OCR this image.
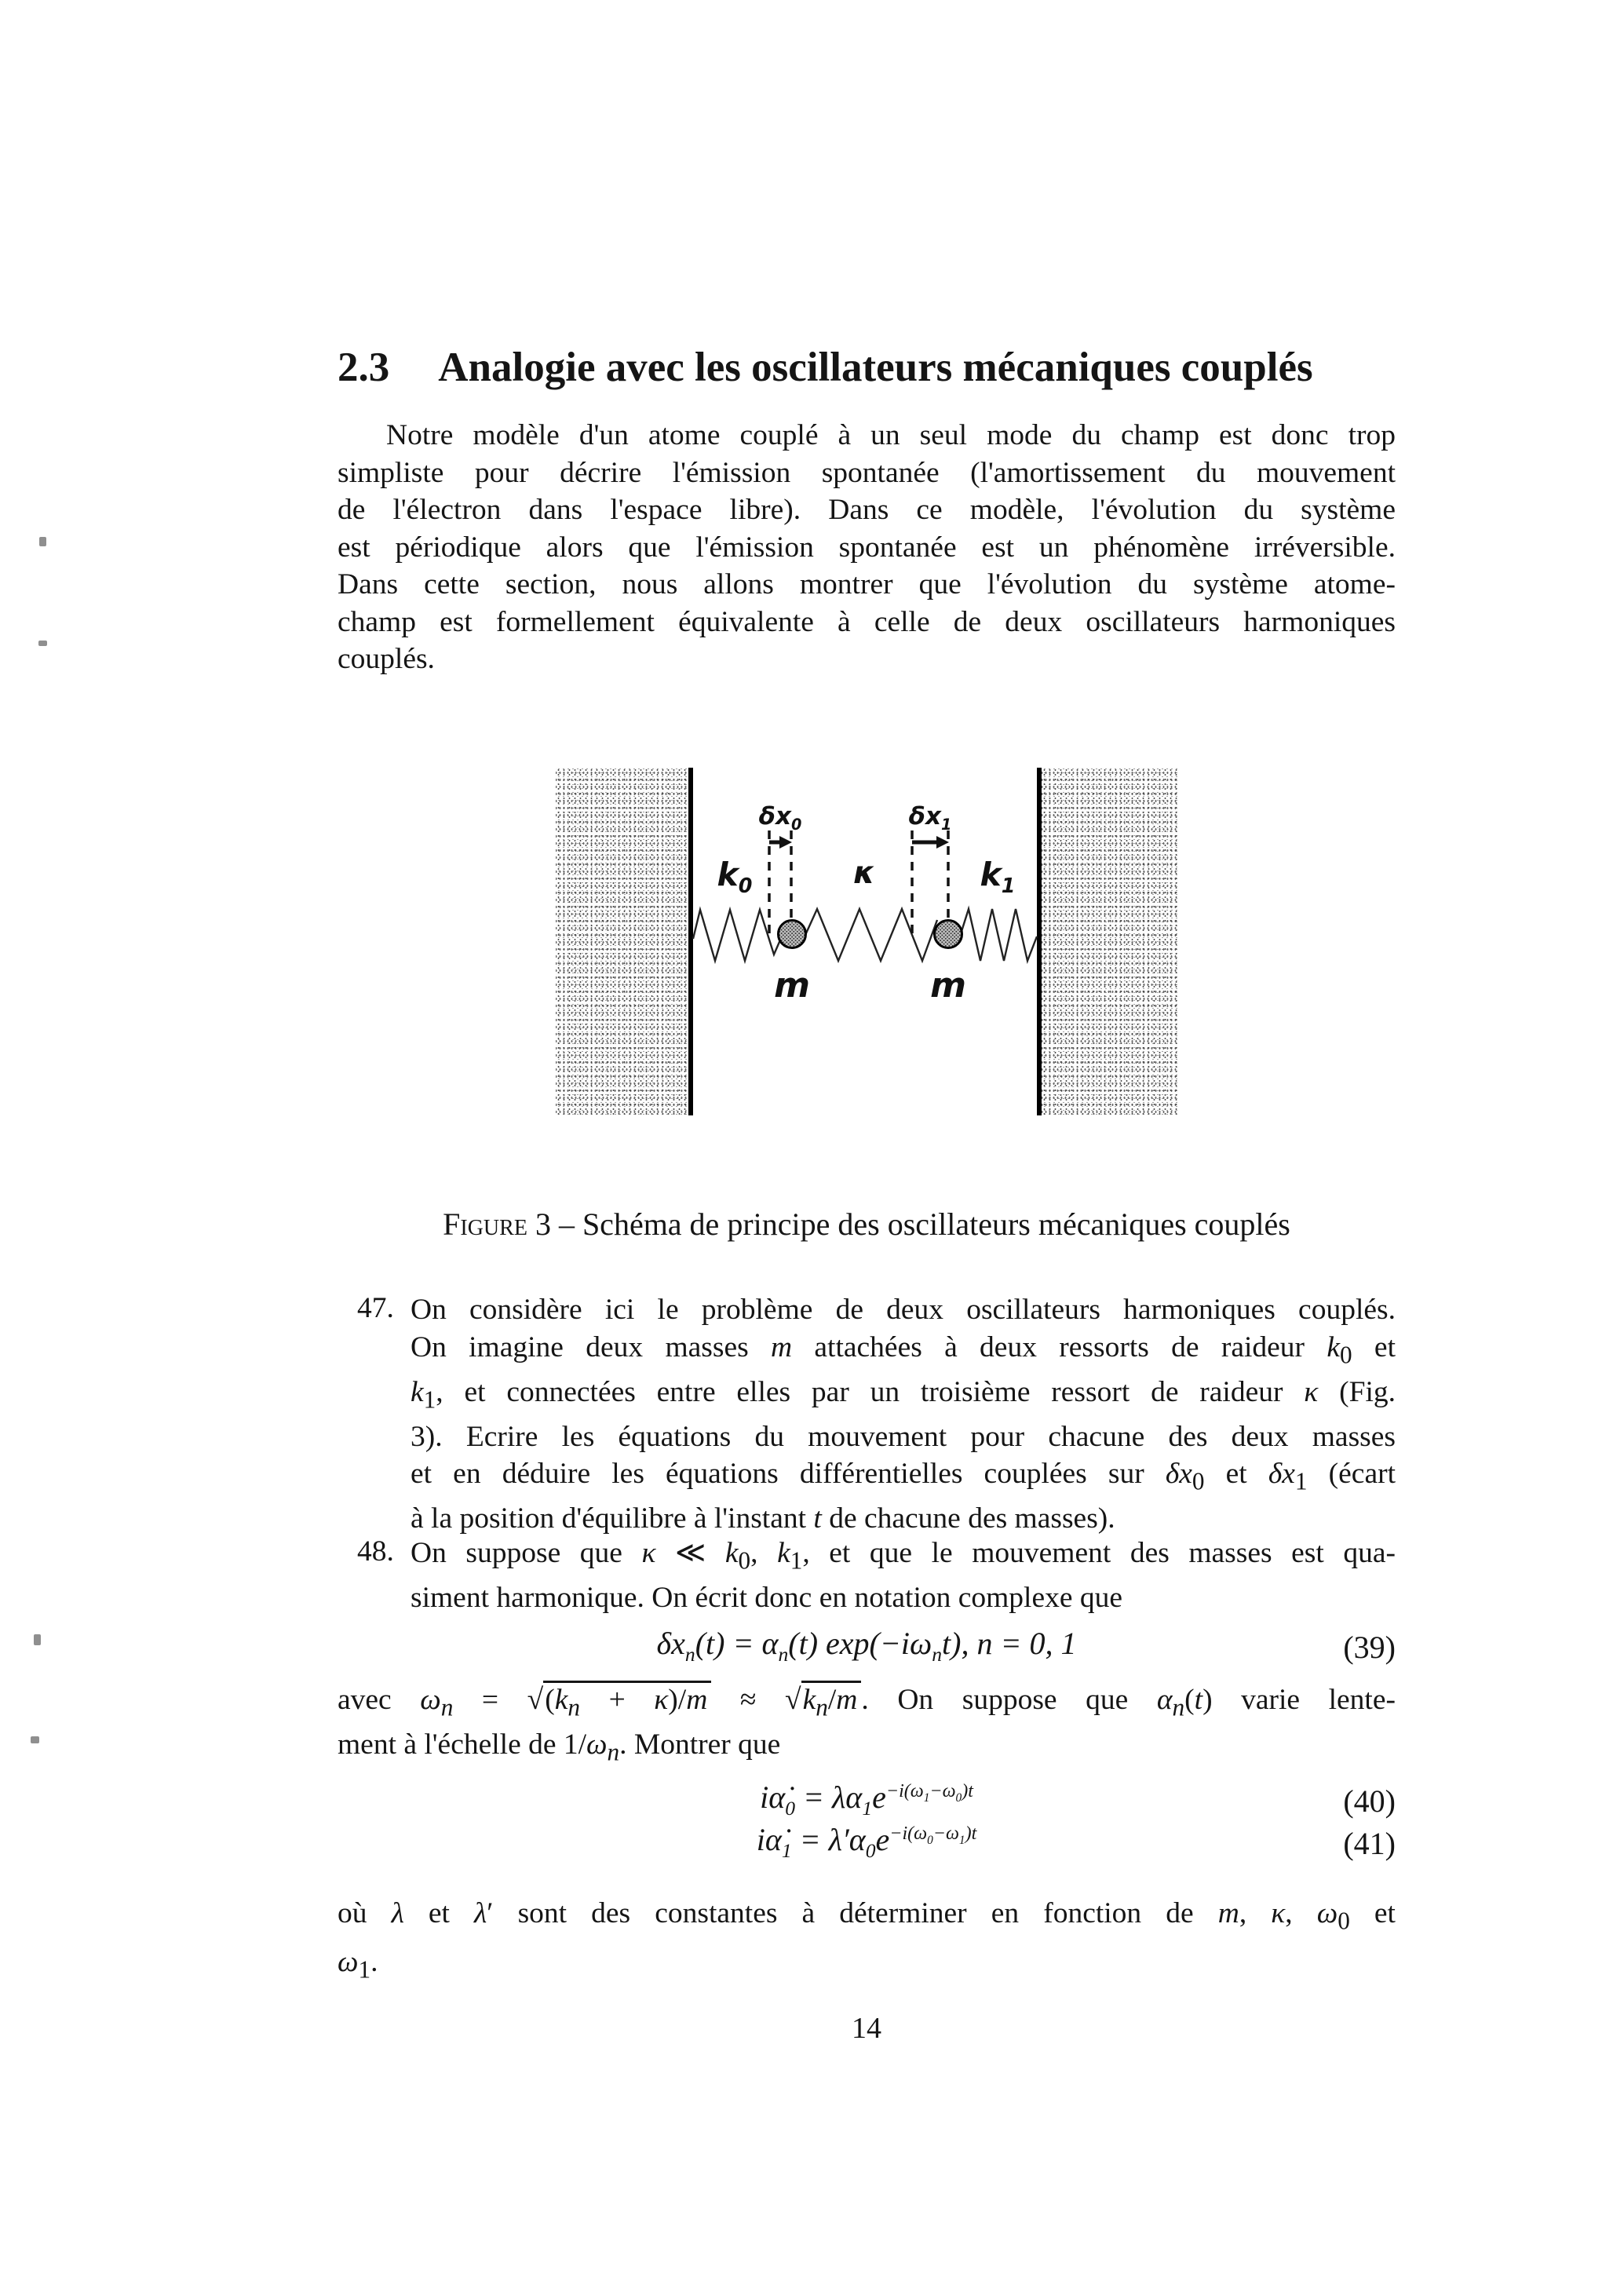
2.3 Analogie avec les oscillateurs mécaniques couplés
Notre modèle d'un atome couplé à un seul mode du champ est donc trop
simpliste pour décrire l'émission spontanée (l'amortissement du mouvement
de l'électron dans l'espace libre). Dans ce modèle, l'évolution du système
est périodique alors que l'émission spontanée est un phénomène irréversible.
Dans cette section, nous allons montrer que l'évolution du système atome-
champ est formellement équivalente à celle de deux oscillateurs harmoniques
couplés.
$\delta x_0$	$\delta x_1$
$k_0$	κ	$k_1$
m	m
Figure 3 – Schéma de principe des oscillateurs mécaniques couplés
47. On considère ici le problème de deux oscillateurs harmoniques couplés.
On imagine deux masses m attachées à deux ressorts de raideur $k_0$ et
$k_1$, et connectées entre elles par un troisième ressort de raideur κ (Fig.
3). Ecrire les équations du mouvement pour chacune des deux masses
et en déduire les équations différentielles couplées sur $\delta x_0$ et $\delta x_1$ (écart
à la position d'équilibre à l'instant t de chacune des masses).
48. On suppose que κ ≪ $k_0$, $k_1$, et que le mouvement des masses est qua-
siment harmonique. On écrit donc en notation complexe que
$\delta x_n(t) = \alpha_n(t)$ $\exp(-i\omega_nt)$, n = 0, 1	(39)
avec $\omega_n = √(k_n + \kappa)/m \approx √k_n/m$ . On suppose que $\alpha_n(t)$ varie lente-
ment à l'échelle de $1/\omega_n$. Montrer que
$i\alphȧ_0 = \lambda\alpha_1e^{-i(\omega_1-\omega_0)t}$	(40)
$i\alphȧ_1 = \lambda'\alpha_0e^{-i(\omega_0-\omega_1)t}$	(41)
où λ et λ′ sont des constantes à déterminer en fonction de m, κ, $\omega_0$ et
$\omega_1$.
14
